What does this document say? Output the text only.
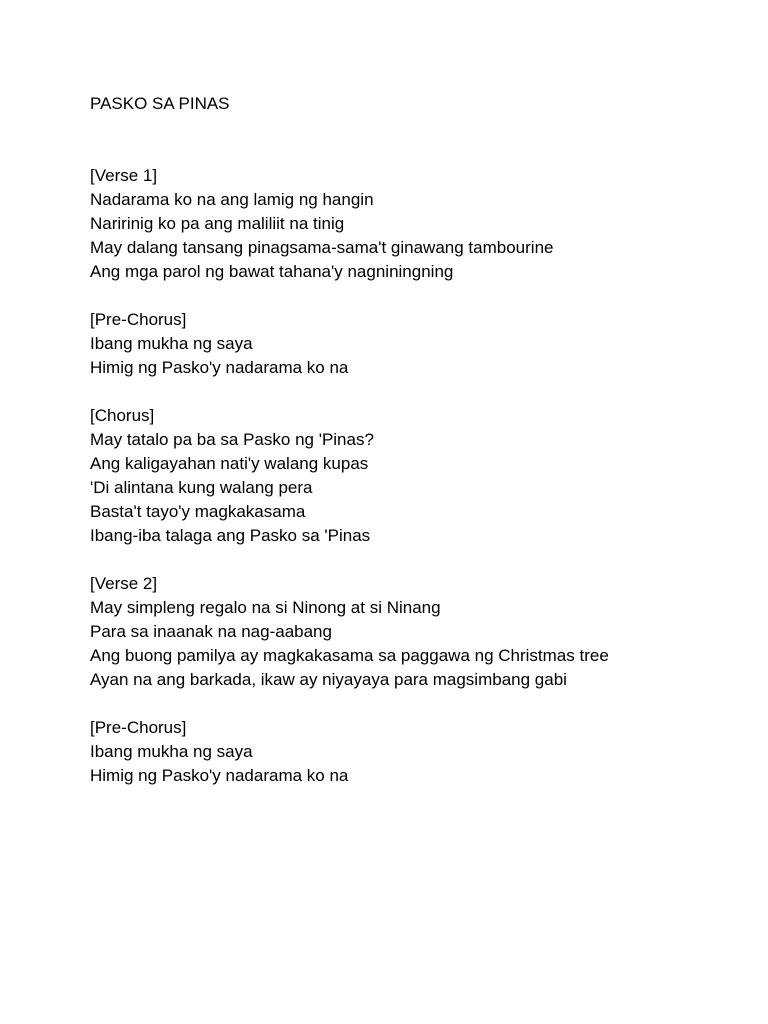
PASKO SA PINAS
[Verse 1]
Nadarama ko na ang lamig ng hangin
Naririnig ko pa ang maliliit na tinig
May dalang tansang pinagsama-sama't ginawang tambourine
Ang mga parol ng bawat tahana'y nagniningning
[Pre-Chorus]
Ibang mukha ng saya
Himig ng Pasko'y nadarama ko na
[Chorus]
May tatalo pa ba sa Pasko ng 'Pinas?
Ang kaligayahan nati'y walang kupas
'Di alintana kung walang pera
Basta't tayo'y magkakasama
Ibang-iba talaga ang Pasko sa 'Pinas
[Verse 2]
May simpleng regalo na si Ninong at si Ninang
Para sa inaanak na nag-aabang
Ang buong pamilya ay magkakasama sa paggawa ng Christmas tree
Ayan na ang barkada, ikaw ay niyayaya para magsimbang gabi
[Pre-Chorus]
Ibang mukha ng saya
Himig ng Pasko'y nadarama ko na
